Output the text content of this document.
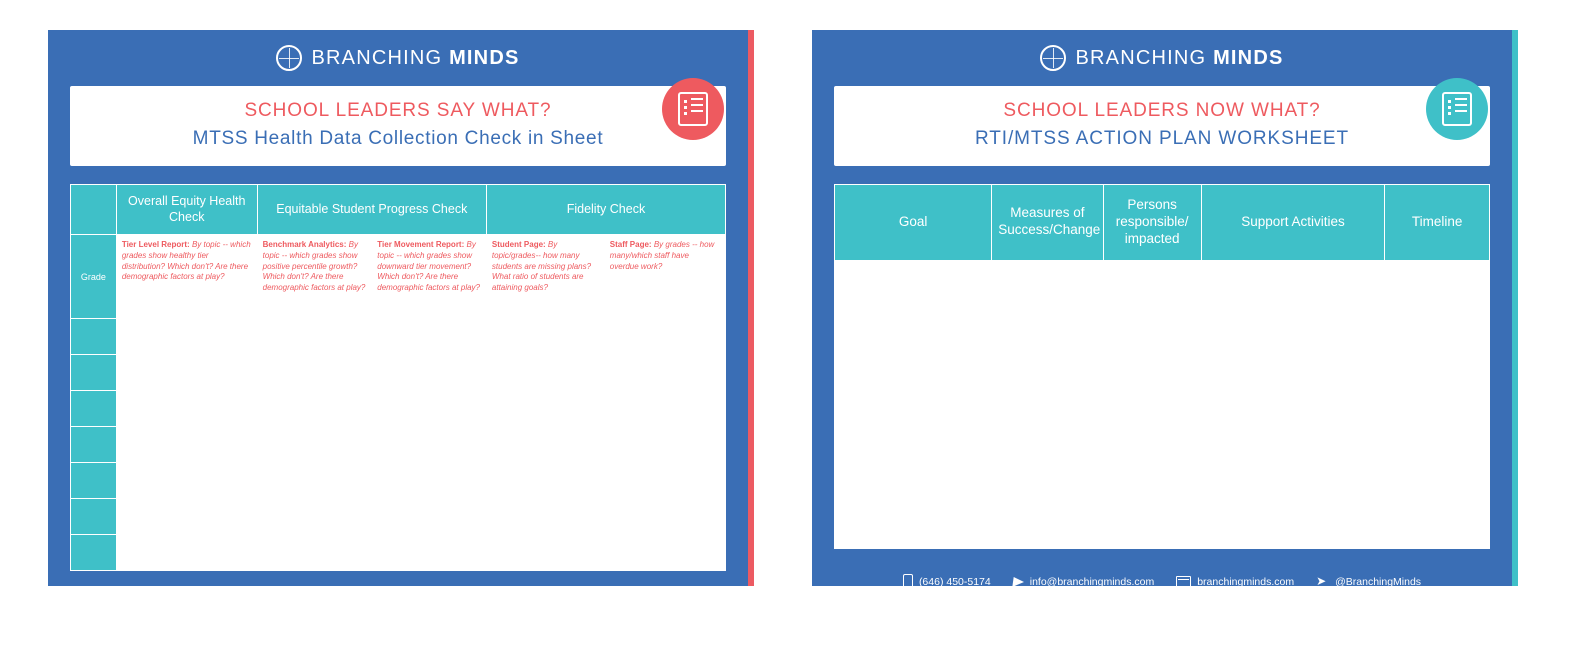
BRANCHING MINDS
SCHOOL LEADERS SAY WHAT?
MTSS Health Data Collection Check in Sheet
	Overall Equity Health Check	Equitable Student Progress Check		Fidelity Check	
Grade	Tier Level Report: By topic -- which grades show healthy tier distribution? Which don't? Are there demographic factors at play?	Benchmark Analytics: By topic -- which grades show positive percentile growth? Which don't? Are there demographic factors at play?	Tier Movement Report: By topic -- which grades show downward tier movement? Which don't? Are there demographic factors at play?	Student Page: By topic/grades-- how many students are missing plans? What ratio of students are attaining goals?	Staff Page: By grades -- how many/which staff have overdue work?

(646) 450-5174	info@branchingminds.com	branchingminds.com ➤ @BranchingMinds
BRANCHING MINDS
SCHOOL LEADERS NOW WHAT?
RTI/MTSS ACTION PLAN WORKSHEET
Goal	Measures of Success/Change	Persons responsible/ impacted	Support Activities	Timeline

(646) 450-5174	info@branchingminds.com	branchingminds.com ➤ @BranchingMinds
